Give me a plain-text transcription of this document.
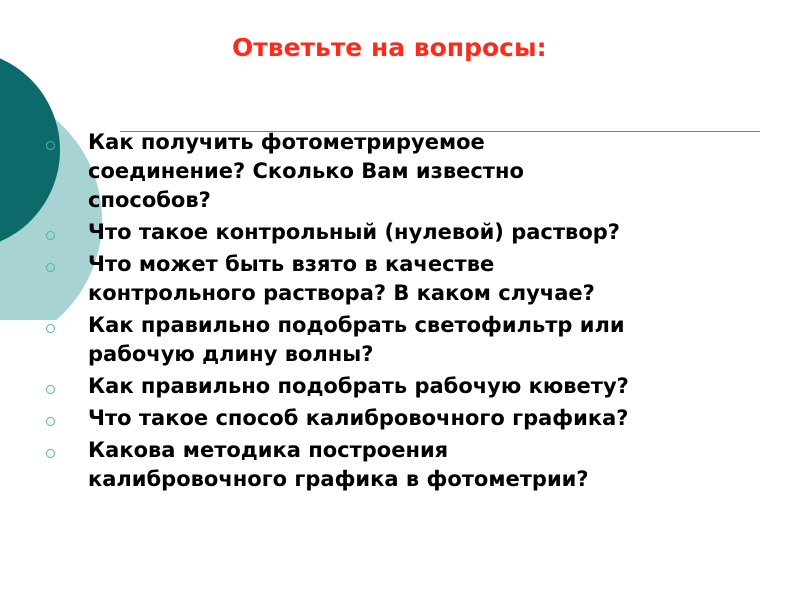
Ответьте на вопросы:
Как получить фотометрируемое
соединение? Сколько Вам известно
способов?
Что такое контрольный (нулевой) раствор?
Что может быть взято в качестве
контрольного раствора? В каком случае?
Как правильно подобрать светофильтр или
рабочую длину волны?
Как правильно подобрать рабочую кювету?
Что такое способ калибровочного графика?
Какова методика построения
калибровочного графика в фотометрии?
